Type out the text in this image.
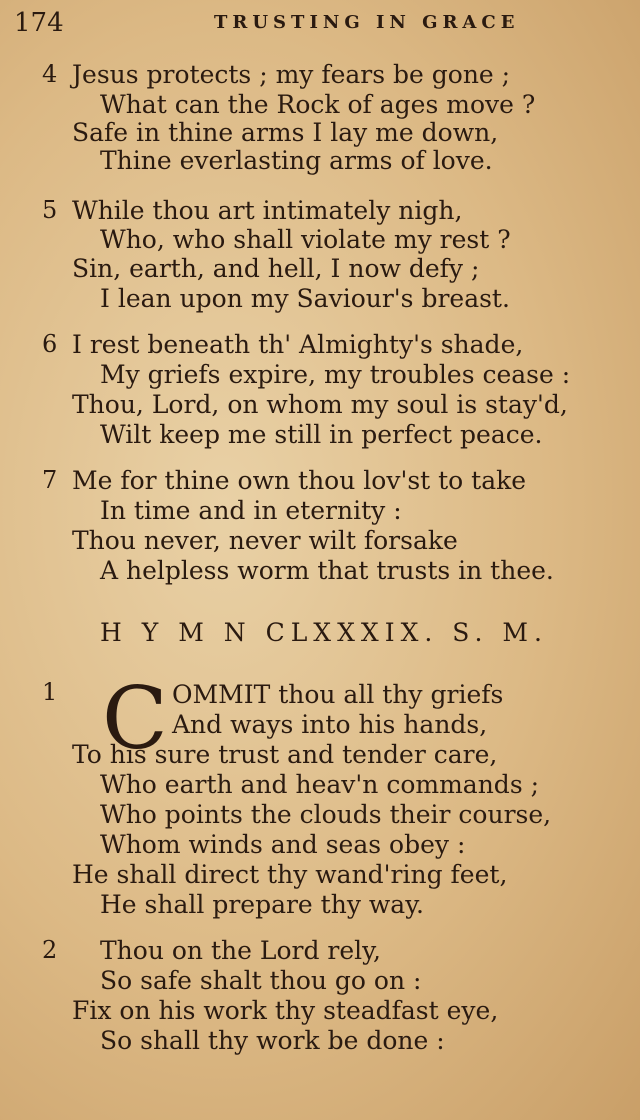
174	TRUSTING IN GRACE
4 Jesus protects ; my fears be gone ;
What can the Rock of ages move ?
Safe in thine arms I lay me down,
Thine everlasting arms of love.
5 While thou art intimately nigh,
Who, who shall violate my rest ?
Sin, earth, and hell, I now defy ;
I lean upon my Saviour's breast.
6 I rest beneath th' Almighty's shade,
My griefs expire, my troubles cease :
Thou, Lord, on whom my soul is stay'd,
Wilt keep me still in perfect peace.
7 Me for thine own thou lov'st to take
In time and in eternity :
Thou never, never wilt forsake
A helpless worm that trusts in thee.
H Y M N CLXXXIX. S. M.
1 C OMMIT thou all thy griefs
And ways into his hands,
To his sure trust and tender care,
Who earth and heav'n commands ;
Who points the clouds their course,
Whom winds and seas obey :
He shall direct thy wand'ring feet,
He shall prepare thy way.
2 Thou on the Lord rely,
So safe shalt thou go on :
Fix on his work thy steadfast eye,
So shall thy work be done :
